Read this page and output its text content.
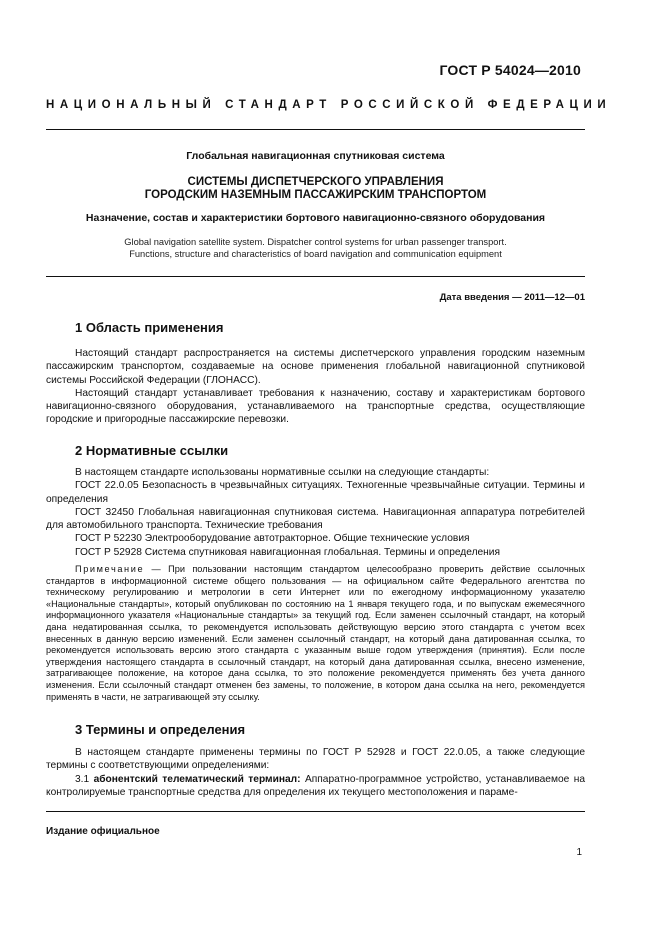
ГОСТ Р 54024—2010
НАЦИОНАЛЬНЫЙ СТАНДАРТ РОССИЙСКОЙ ФЕДЕРАЦИИ
Глобальная навигационная спутниковая система
СИСТЕМЫ ДИСПЕТЧЕРСКОГО УПРАВЛЕНИЯ
ГОРОДСКИМ НАЗЕМНЫМ ПАССАЖИРСКИМ ТРАНСПОРТОМ
Назначение, состав и характеристики бортового навигационно-связного оборудования
Global navigation satellite system. Dispatcher control systems for urban passenger transport.
Functions, structure and characteristics of board navigation and communication equipment
Дата введения — 2011—12—01
1 Область применения

Настоящий стандарт распространяется на системы диспетчерского управления городским наземным пассажирским транспортом, создаваемые на основе применения глобальной навигационной спутниковой системы Российской Федерации (ГЛОНАСС).

Настоящий стандарт устанавливает требования к назначению, составу и характеристикам бортового навигационно-связного оборудования, устанавливаемого на транспортные средства, осуществляющие городские и пригородные пассажирские перевозки.

2 Нормативные ссылки

В настоящем стандарте использованы нормативные ссылки на следующие стандарты:

ГОСТ 22.0.05 Безопасность в чрезвычайных ситуациях. Техногенные чрезвычайные ситуации. Термины и определения

ГОСТ 32450 Глобальная навигационная спутниковая система. Навигационная аппаратура потребителей для автомобильного транспорта. Технические требования

ГОСТ Р 52230 Электрооборудование автотракторное. Общие технические условия

ГОСТ Р 52928 Система спутниковая навигационная глобальная. Термины и определения

Примечание — При пользовании настоящим стандартом целесообразно проверить действие ссылочных стандартов в информационной системе общего пользования — на официальном сайте Федерального агентства по техническому регулированию и метрологии в сети Интернет или по ежегодному информационному указателю «Национальные стандарты», который опубликован по состоянию на 1 января текущего года, и по выпускам ежемесячного информационного указателя «Национальные стандарты» за текущий год. Если заменен ссылочный стандарт, на который дана недатированная ссылка, то рекомендуется использовать действующую версию этого стандарта с учетом всех внесенных в данную версию изменений. Если заменен ссылочный стандарт, на который дана датированная ссылка, то рекомендуется использовать версию этого стандарта с указанным выше годом утверждения (принятия). Если после утверждения настоящего стандарта в ссылочный стандарт, на который дана датированная ссылка, внесено изменение, затрагивающее положение, на которое дана ссылка, то это положение рекомендуется применять без учета данного изменения. Если ссылочный стандарт отменен без замены, то положение, в котором дана ссылка на него, рекомендуется применять в части, не затрагивающей эту ссылку.

3 Термины и определения

В настоящем стандарте применены термины по ГОСТ Р 52928 и ГОСТ 22.0.05, а также следующие термины с соответствующими определениями:

3.1 абонентский телематический терминал: Аппаратно-программное устройство, устанавливаемое на контролируемые транспортные средства для определения их текущего местоположения и параме-

Издание официальное
1
